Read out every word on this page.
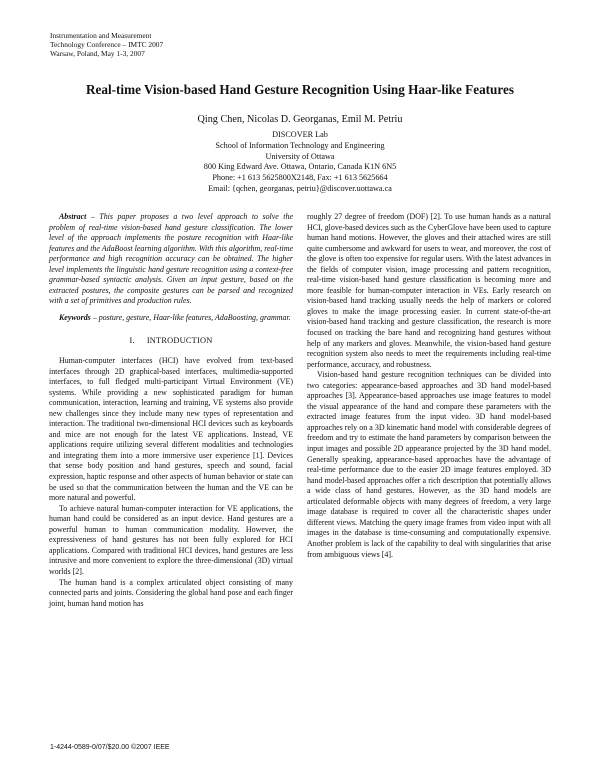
Instrumentation and Measurement
Technology Conference – IMTC 2007
Warsaw, Poland, May 1-3, 2007
Real-time Vision-based Hand Gesture Recognition Using Haar-like Features
Qing Chen, Nicolas D. Georganas, Emil M. Petriu
DISCOVER Lab
School of Information Technology and Engineering
University of Ottawa
800 King Edward Ave. Ottawa, Ontario, Canada K1N 6N5
Phone: +1 613 5625800X2148, Fax: +1 613 5625664
Email: {qchen, georganas, petriu}@discover.uottawa.ca

Abstract – This paper proposes a two level approach to solve the problem of real-time vision-based hand gesture classification. The lower level of the approach implements the posture recognition with Haar-like features and the AdaBoost learning algorithm. With this algorithm, real-time performance and high recognition accuracy can be obtained. The higher level implements the linguistic hand gesture recognition using a context-free grammar-based syntactic analysis. Given an input gesture, based on the extracted postures, the composite gestures can be parsed and recognized with a set of primitives and production rules.

Keywords – posture, gesture, Haar-like features, AdaBoosting, grammar.

I. INTRODUCTION

Human-computer interfaces (HCI) have evolved from text-based interfaces through 2D graphical-based interfaces, multimedia-supported interfaces, to full fledged multi-participant Virtual Environment (VE) systems. While providing a new sophisticated paradigm for human communication, interaction, learning and training, VE systems also provide new challenges since they include many new types of representation and interaction. The traditional two-dimensional HCI devices such as keyboards and mice are not enough for the latest VE applications. Instead, VE applications require utilizing several different modalities and technologies and integrating them into a more immersive user experience [1]. Devices that sense body position and hand gestures, speech and sound, facial expression, haptic response and other aspects of human behavior or state can be used so that the communication between the human and the VE can be more natural and powerful.

To achieve natural human-computer interaction for VE applications, the human hand could be considered as an input device. Hand gestures are a powerful human to human communication modality. However, the expressiveness of hand gestures has not been fully explored for HCI applications. Compared with traditional HCI devices, hand gestures are less intrusive and more convenient to explore the three-dimensional (3D) virtual worlds [2].

The human hand is a complex articulated object consisting of many connected parts and joints. Considering the global hand pose and each finger joint, human hand motion has

roughly 27 degree of freedom (DOF) [2]. To use human hands as a natural HCI, glove-based devices such as the CyberGlove have been used to capture human hand motions. However, the gloves and their attached wires are still quite cumbersome and awkward for users to wear, and moreover, the cost of the glove is often too expensive for regular users. With the latest advances in the fields of computer vision, image processing and pattern recognition, real-time vision-based hand gesture classification is becoming more and more feasible for human-computer interaction in VEs. Early research on vision-based hand tracking usually needs the help of markers or colored gloves to make the image processing easier. In current state-of-the-art vision-based hand tracking and gesture classification, the research is more focused on tracking the bare hand and recognizing hand gestures without help of any markers and gloves. Meanwhile, the vision-based hand gesture recognition system also needs to meet the requirements including real-time performance, accuracy, and robustness.

Vision-based hand gesture recognition techniques can be divided into two categories: appearance-based approaches and 3D hand model-based approaches [3]. Appearance-based approaches use image features to model the visual appearance of the hand and compare these parameters with the extracted image features from the input video. 3D hand model-based approaches rely on a 3D kinematic hand model with considerable degrees of freedom and try to estimate the hand parameters by comparison between the input images and possible 2D appearance projected by the 3D hand model. Generally speaking, appearance-based approaches have the advantage of real-time performance due to the easier 2D image features employed. 3D hand model-based approaches offer a rich description that potentially allows a wide class of hand gestures. However, as the 3D hand models are articulated deformable objects with many degrees of freedom, a very large image database is required to cover all the characteristic shapes under different views. Matching the query image frames from video input with all images in the database is time-consuming and computationally expensive. Another problem is lack of the capability to deal with singularities that arise from ambiguous views [4].

1-4244-0589-0/07/$20.00 ©2007 IEEE
